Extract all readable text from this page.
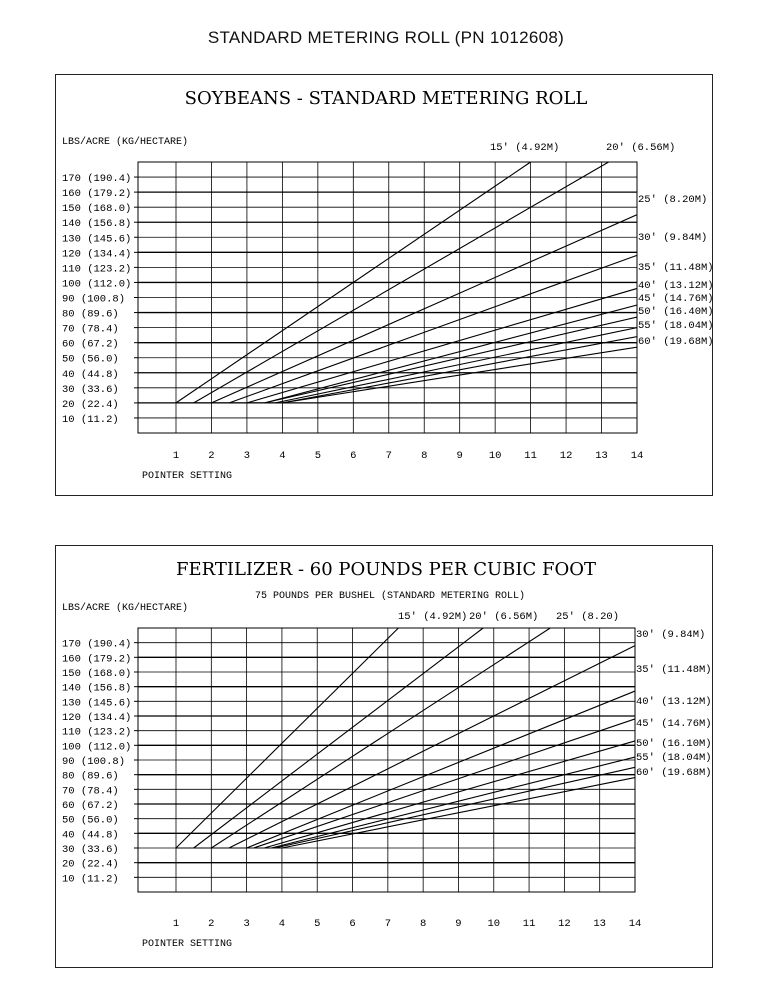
STANDARD METERING ROLL (PN 1012608)
SOYBEANS - STANDARD METERING ROLL
LBS/ACRE (KG/HECTARE)
POINTER SETTING
10 (11.2)
20 (22.4)
30 (33.6)
40 (44.8)
50 (56.0)
60 (67.2)
70 (78.4)
80 (89.6)
90 (100.8)
100 (112.0)
110 (123.2)
120 (134.4)
130 (145.6)
140 (156.8)
150 (168.0)
160 (179.2)
170 (190.4)
1	2	3	4	5	6	7	8	9 10 11 12 13 14
15' (4.92M)	20' (6.56M)
25' (8.20M)
30' (9.84M)
35' (11.48M)
40' (13.12M)
45' (14.76M)
50' (16.40M)
55' (18.04M)
60' (19.68M)
FERTILIZER - 60 POUNDS PER CUBIC FOOT
75 POUNDS PER BUSHEL (STANDARD METERING ROLL)
LBS/ACRE (KG/HECTARE)
POINTER SETTING
10 (11.2)
20 (22.4)
30 (33.6)
40 (44.8)
50 (56.0)
60 (67.2)
70 (78.4)
80 (89.6)
90 (100.8)
100 (112.0)
110 (123.2)
120 (134.4)
130 (145.6)
140 (156.8)
150 (168.0)
160 (179.2)
170 (190.4)
1	2	3	4	5	6	7	8	9 10 11 12 13 14
15' (4.92M) 20' (6.56M) 25' (8.20)
30' (9.84M)
35' (11.48M)
40' (13.12M)
45' (14.76M)
50' (16.10M)
55' (18.04M)
60' (19.68M)
